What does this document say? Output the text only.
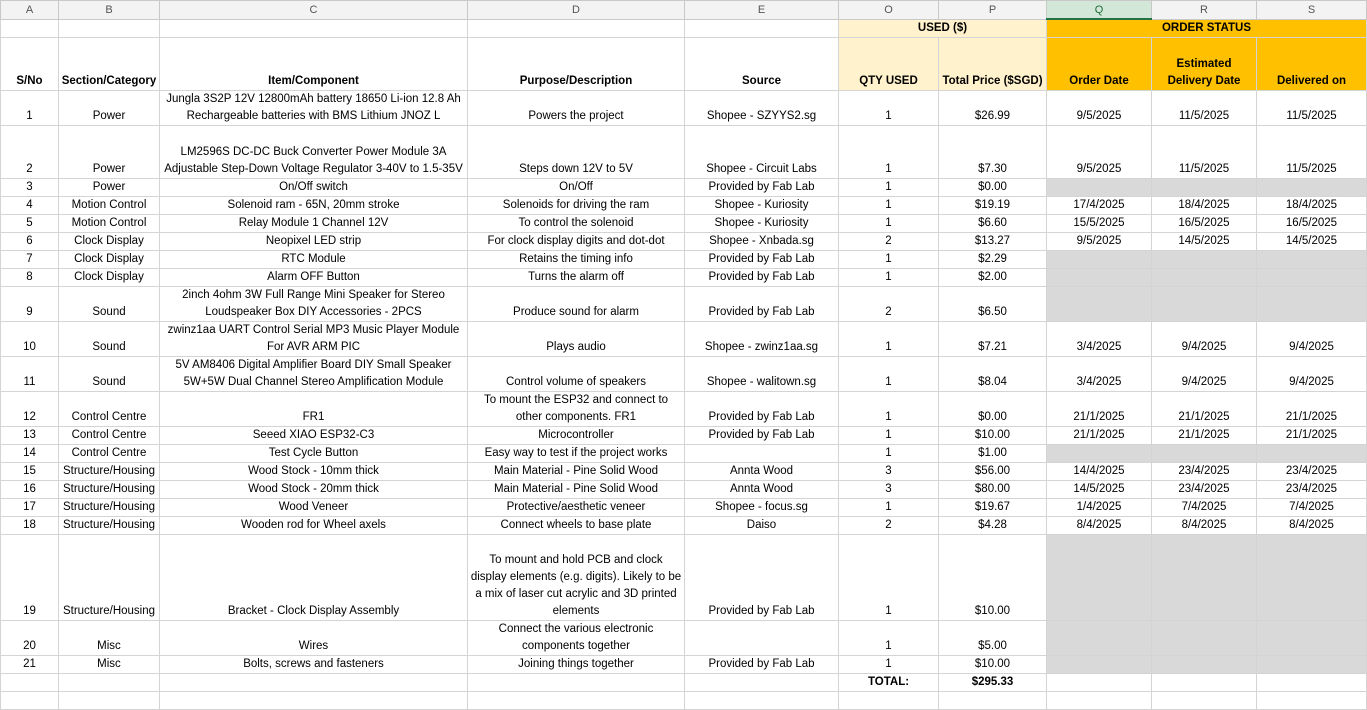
A	B	C	D	E	O	P	Q	R	S
					USED ($)		ORDER STATUS		
S/No	Section/Category	Item/Component	Purpose/Description	Source	QTY USED	Total Price ($SGD)	Order Date	Estimated Delivery Date	Delivered on
1	Power	Jungla 3S2P 12V 12800mAh battery 18650 Li-ion 12.8 Ah Rechargeable batteries with BMS Lithium JNOZ L	Powers the project	Shopee - SZYYS2.sg	1	$26.99	9/5/2025	11/5/2025	11/5/2025
2	Power	LM2596S DC-DC Buck Converter Power Module 3A Adjustable Step-Down Voltage Regulator 3-40V to 1.5-35V	Steps down 12V to 5V	Shopee - Circuit Labs	1	$7.30	9/5/2025	11/5/2025	11/5/2025
3	Power	On/Off switch	On/Off	Provided by Fab Lab	1	$0.00			
4	Motion Control	Solenoid ram - 65N, 20mm stroke	Solenoids for driving the ram	Shopee - Kuriosity	1	$19.19	17/4/2025	18/4/2025	18/4/2025
5	Motion Control	Relay Module 1 Channel 12V	To control the solenoid	Shopee - Kuriosity	1	$6.60	15/5/2025	16/5/2025	16/5/2025
6	Clock Display	Neopixel LED strip	For clock display digits and dot-dot	Shopee - Xnbada.sg	2	$13.27	9/5/2025	14/5/2025	14/5/2025
7	Clock Display	RTC Module	Retains the timing info	Provided by Fab Lab	1	$2.29			
8	Clock Display	Alarm OFF Button	Turns the alarm off	Provided by Fab Lab	1	$2.00			
9	Sound	2inch 4ohm 3W Full Range Mini Speaker for Stereo Loudspeaker Box DIY Accessories - 2PCS	Produce sound for alarm	Provided by Fab Lab	2	$6.50			
10	Sound	zwinz1aa UART Control Serial MP3 Music Player Module For AVR ARM PIC	Plays audio	Shopee - zwinz1aa.sg	1	$7.21	3/4/2025	9/4/2025	9/4/2025
11	Sound	5V AM8406 Digital Amplifier Board DIY Small Speaker 5W+5W Dual Channel Stereo Amplification Module	Control volume of speakers	Shopee - walitown.sg	1	$8.04	3/4/2025	9/4/2025	9/4/2025
12	Control Centre	FR1	To mount the ESP32 and connect to other components. FR1	Provided by Fab Lab	1	$0.00	21/1/2025	21/1/2025	21/1/2025
13	Control Centre	Seeed XIAO ESP32-C3	Microcontroller	Provided by Fab Lab	1	$10.00	21/1/2025	21/1/2025	21/1/2025
14	Control Centre	Test Cycle Button	Easy way to test if the project works		1	$1.00			
15	Structure/Housing	Wood Stock - 10mm thick	Main Material - Pine Solid Wood	Annta Wood	3	$56.00	14/4/2025	23/4/2025	23/4/2025
16	Structure/Housing	Wood Stock - 20mm thick	Main Material - Pine Solid Wood	Annta Wood	3	$80.00	14/5/2025	23/4/2025	23/4/2025
17	Structure/Housing	Wood Veneer	Protective/aesthetic veneer	Shopee - focus.sg	1	$19.67	1/4/2025	7/4/2025	7/4/2025
18	Structure/Housing	Wooden rod for Wheel axels	Connect wheels to base plate	Daiso	2	$4.28	8/4/2025	8/4/2025	8/4/2025
19	Structure/Housing	Bracket - Clock Display Assembly	To mount and hold PCB and clock display elements (e.g. digits). Likely to be a mix of laser cut acrylic and 3D printed elements	Provided by Fab Lab	1	$10.00			
20	Misc	Wires	Connect the various electronic components together		1	$5.00			
21	Misc	Bolts, screws and fasteners	Joining things together	Provided by Fab Lab	1	$10.00			
					TOTAL:	$295.33			
